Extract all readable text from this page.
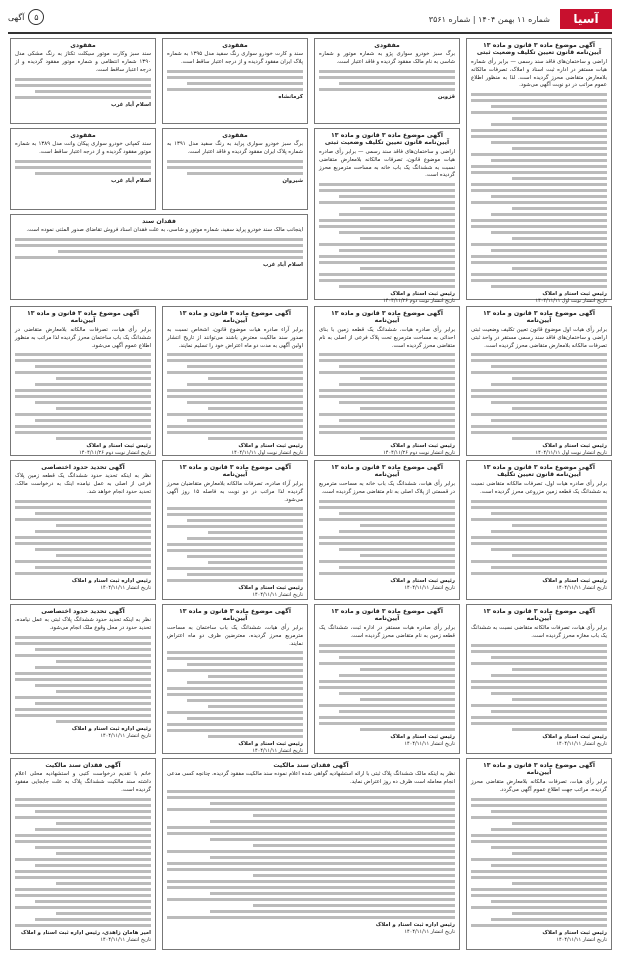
آسیا
شماره ۱۱ بهمن ۱۴۰۴ | شماره ۳۵۶۱
۵
آگهی
آگهی موضوع ماده ۳ قانون و ماده ۱۳ آیین‌نامه قانون تعیین تکلیف وضعیت ثبتی
اراضی و ساختمان‌های فاقد سند رسمی — برابر رأی شماره هیات مستقر در اداره ثبت اسناد و املاک، تصرفات مالکانه بلامعارض متقاضی محرز گردیده است. لذا به منظور اطلاع عموم مراتب در دو نوبت آگهی می‌شود.
رئیس ثبت اسناد و املاک
تاریخ انتشار نوبت اول ۱۴۰۴/۱۱/۱۱
مفقودی
برگ سبز خودرو سواری پژو به شماره موتور و شماره شاسی به نام مالک مفقود گردیده و فاقد اعتبار است.
قزوین
مفقودی
سند و کارت خودرو سواری رنگ سفید مدل ۱۳۹۵ به شماره پلاک ایران مفقود گردیده و از درجه اعتبار ساقط است.
کرمانشاه
مفقودی
سند سبز وکارت موتور سیکلت تکتاز به رنگ مشکی مدل ۱۳۹۰ شماره انتظامی و شماره موتور مفقود گردیده و از درجه اعتبار ساقط است.
اسلام آباد غرب
آگهی موضوع ماده ۳ قانون و ماده ۱۳ آیین‌نامه قانون تعیین تکلیف وضعیت ثبتی
اراضی و ساختمان‌های فاقد سند رسمی — برابر رأی صادره هیات موضوع قانون، تصرفات مالکانه بلامعارض متقاضی نسبت به ششدانگ یک باب خانه به مساحت مترمربع محرز گردیده است.
رئیس ثبت اسناد و املاک
تاریخ انتشار نوبت دوم ۱۴۰۴/۱۱/۲۶
مفقودی
برگ سبز خودرو سواری پراید به رنگ سفید مدل ۱۳۹۱ به شماره پلاک ایران مفقود گردیده و فاقد اعتبار است.
شیروان
مفقودی
سند کمپانی خودرو سواری پیکان وانت مدل ۱۳۸۹ به شماره موتور مفقود گردیده و از درجه اعتبار ساقط است.
اسلام آباد غرب
فقدان سند
اینجانب مالک سند خودرو پراید سفید، شماره موتور و شاسی، به علت فقدان اسناد فروش تقاضای صدور المثنی نموده است.
اسلام آباد غرب
آگهی موضوع ماده ۳ قانون و ماده ۱۳ آیین‌نامه
برابر رأی هیات اول موضوع قانون تعیین تکلیف وضعیت ثبتی اراضی و ساختمان‌های فاقد سند رسمی مستقر در واحد ثبتی تصرفات مالکانه بلامعارض متقاضی محرز گردیده است.
رئیس ثبت اسناد و املاک
تاریخ انتشار نوبت اول ۱۴۰۴/۱۱/۱۱
آگهی موضوع ماده ۳ قانون و ماده ۱۳ آیین‌نامه
برابر رأی صادره هیات، ششدانگ یک قطعه زمین با بنای احداثی به مساحت مترمربع تحت پلاک فرعی از اصلی به نام متقاضی محرز گردیده است.
رئیس ثبت اسناد و املاک
تاریخ انتشار نوبت دوم ۱۴۰۴/۱۱/۲۶
آگهی موضوع ماده ۳ قانون و ماده ۱۳ آیین‌نامه
برابر آراء صادره هیات موضوع قانون، اشخاص نسبت به صدور سند مالکیت معترض باشند می‌توانند از تاریخ انتشار اولین آگهی به مدت دو ماه اعتراض خود را تسلیم نمایند.
رئیس ثبت اسناد و املاک
تاریخ انتشار نوبت اول ۱۴۰۴/۱۱/۱۱
آگهی موضوع ماده ۳ قانون و ماده ۱۳ آیین‌نامه
برابر رأی هیات، تصرفات مالکانه بلامعارض متقاضی در ششدانگ یک باب ساختمان محرز گردیده لذا مراتب به منظور اطلاع عموم آگهی می‌شود.
رئیس ثبت اسناد و املاک
تاریخ انتشار نوبت دوم ۱۴۰۴/۱۱/۲۶
آگهی موضوع ماده ۳ قانون و ماده ۱۳ آیین‌نامه قانون تعیین تکلیف
برابر رأی صادره هیات اول، تصرفات مالکانه متقاضی نسبت به ششدانگ یک قطعه زمین مزروعی محرز گردیده است.
رئیس ثبت اسناد و املاک
تاریخ انتشار ۱۴۰۴/۱۱/۱۱
آگهی موضوع ماده ۳ قانون و ماده ۱۳ آیین‌نامه
برابر رأی هیات، ششدانگ یک باب خانه به مساحت مترمربع در قسمتی از پلاک اصلی به نام متقاضی محرز گردیده است.
رئیس ثبت اسناد و املاک
تاریخ انتشار ۱۴۰۴/۱۱/۱۱
آگهی موضوع ماده ۳ قانون و ماده ۱۳ آیین‌نامه
برابر آراء صادره، تصرفات مالکانه بلامعارض متقاضیان محرز گردیده لذا مراتب در دو نوبت به فاصله ۱۵ روز آگهی می‌شود.
رئیس ثبت اسناد و املاک
تاریخ انتشار ۱۴۰۴/۱۱/۱۱
آگهی تحدید حدود اختصاصی
نظر به اینکه تحدید حدود ششدانگ یک قطعه زمین پلاک فرعی از اصلی به عمل نیامده اینک به درخواست مالک، تحدید حدود انجام خواهد شد.
رئیس اداره ثبت اسناد و املاک
تاریخ انتشار ۱۴۰۴/۱۱/۱۱
آگهی موضوع ماده ۳ قانون و ماده ۱۳ آیین‌نامه
برابر رأی هیات، تصرفات مالکانه متقاضی نسبت به ششدانگ یک باب مغازه محرز گردیده است.
رئیس ثبت اسناد و املاک
تاریخ انتشار ۱۴۰۴/۱۱/۱۱
آگهی موضوع ماده ۳ قانون و ماده ۱۳ آیین‌نامه
برابر رأی صادره هیات مستقر در اداره ثبت، ششدانگ یک قطعه زمین به نام متقاضی محرز گردیده است.
رئیس ثبت اسناد و املاک
تاریخ انتشار ۱۴۰۴/۱۱/۱۱
آگهی موضوع ماده ۳ قانون و ماده ۱۳ آیین‌نامه
برابر رأی هیات، ششدانگ یک باب ساختمان به مساحت مترمربع محرز گردیده، معترضین ظرف دو ماه اعتراض نمایند.
رئیس ثبت اسناد و املاک
تاریخ انتشار ۱۴۰۴/۱۱/۱۱
آگهی تحدید حدود اختصاصی
نظر به اینکه تحدید حدود ششدانگ پلاک ثبتی به عمل نیامده، تحدید حدود در محل وقوع ملک انجام می‌شود.
رئیس اداره ثبت اسناد و املاک
تاریخ انتشار ۱۴۰۴/۱۱/۱۱
آگهی موضوع ماده ۳ قانون و ماده ۱۳ آیین‌نامه
برابر رأی هیات، تصرفات مالکانه بلامعارض متقاضی محرز گردیده، مراتب جهت اطلاع عموم آگهی می‌گردد.
رئیس ثبت اسناد و املاک
تاریخ انتشار ۱۴۰۴/۱۱/۱۱
آگهی فقدان سند مالکیت
نظر به اینکه مالک ششدانگ پلاک ثبتی با ارائه استشهادیه گواهی شده اعلام نموده سند مالکیت مفقود گردیده، چنانچه کسی مدعی انجام معامله است ظرف ده روز اعتراض نماید.
رئیس اداره ثبت اسناد و املاک
تاریخ انتشار ۱۴۰۴/۱۱/۱۱
آگهی فقدان سند مالکیت
خانم با تقدیم درخواست کتبی و استشهادیه محلی اعلام داشته سند مالکیت ششدانگ پلاک به علت جابجایی مفقود گردیده است.
امیر هامان زاهدی، رئیس اداره ثبت اسناد و املاک
تاریخ انتشار ۱۴۰۴/۱۱/۱۱
